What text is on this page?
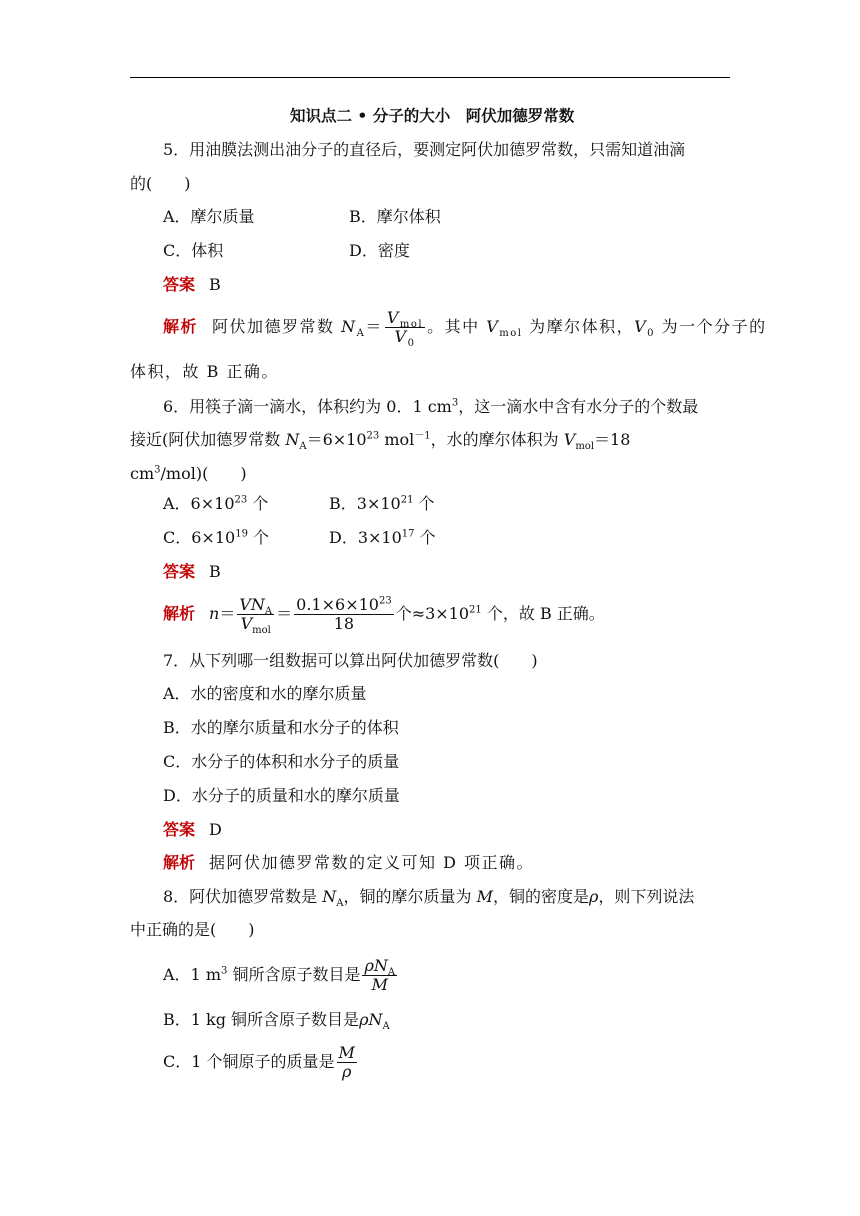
知识点二 • 分子的大小　阿伏加德罗常数
5．用油膜法测出油分子的直径后，要测定阿伏加德罗常数，只需知道油滴
的(　　)
A．摩尔质量	B．摩尔体积
C．体积	D．密度
答案 B
解析 阿伏加德罗常数 $N_A= \frac{V_{mol}}{V_0}$ 。其中 $V_{mol}$ 为摩尔体积，$V_0$ 为一个分子的
体积，故 B 正确。
6．用筷子滴一滴水，体积约为 0．1 $cm^3$，这一滴水中含有水分子的个数最
接近(阿伏加德罗常数 $N_A=6\times 10^{23}$ mol$^{-1}$，水的摩尔体积为 $V_{mol}=18$
$cm^3/mol$)(　　)
A．$6\times 10^{23}$ 个	B．$3\times 10^{21}$ 个
C．$6\times 10^{19}$ 个	D．$3\times 10^{17}$ 个
答案 B
解析 $n= \frac{VN_A}{V_{mol}} = \frac{0.1\times 6\times 10^{23}}{18}$ 个$\approx 3\times 10^{21}$ 个，故 B 正确。
7．从下列哪一组数据可以算出阿伏加德罗常数(　　)
A．水的密度和水的摩尔质量
B．水的摩尔质量和水分子的体积
C．水分子的体积和水分子的质量
D．水分子的质量和水的摩尔质量
答案 D
解析 据阿伏加德罗常数的定义可知 D 项正确。
8．阿伏加德罗常数是 $N_A$，铜的摩尔质量为 M，铜的密度是ρ，则下列说法
中正确的是(　　)
A．1 $m^3$ 铜所含原子数目是 $\frac{\rho N_A}{M}$
B．1 kg 铜所含原子数目是$\rho N_A$
C．1 个铜原子的质量是 $\frac{M}{\rho}$
